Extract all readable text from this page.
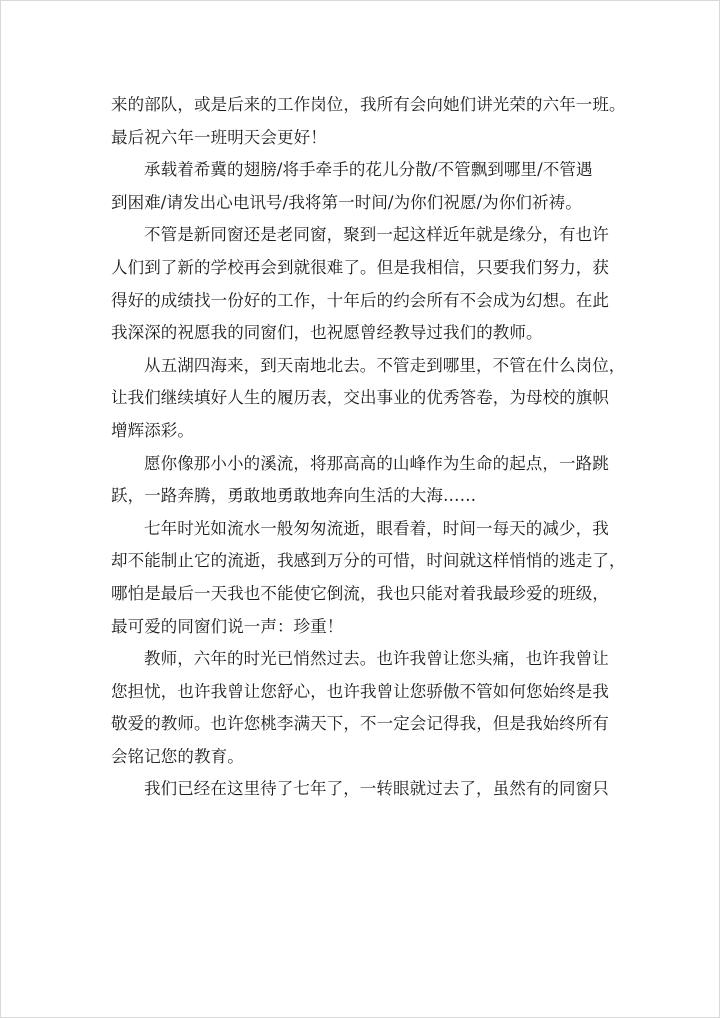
来的部队，或是后来的工作岗位，我所有会向她们讲光荣的六年一班。
最后祝六年一班明天会更好！

承载着希冀的翅膀/将手牵手的花儿分散/不管飘到哪里/不管遇
到困难/请发出心电讯号/我将第一时间/为你们祝愿/为你们祈祷。

不管是新同窗还是老同窗，聚到一起这样近年就是缘分，有也许
人们到了新的学校再会到就很难了。但是我相信，只要我们努力，获
得好的成绩找一份好的工作，十年后的约会所有不会成为幻想。在此
我深深的祝愿我的同窗们，也祝愿曾经教导过我们的教师。

从五湖四海来，到天南地北去。不管走到哪里，不管在什么岗位，
让我们继续填好人生的履历表，交出事业的优秀答卷，为母校的旗帜
增辉添彩。

愿你像那小小的溪流，将那高高的山峰作为生命的起点，一路跳
跃，一路奔腾，勇敢地勇敢地奔向生活的大海……

七年时光如流水一般匆匆流逝，眼看着，时间一每天的减少，我
却不能制止它的流逝，我感到万分的可惜，时间就这样悄悄的逃走了，
哪怕是最后一天我也不能使它倒流，我也只能对着我最珍爱的班级，
最可爱的同窗们说一声：珍重！

教师，六年的时光已悄然过去。也许我曾让您头痛，也许我曾让
您担忧，也许我曾让您舒心，也许我曾让您骄傲不管如何您始终是我
敬爱的教师。也许您桃李满天下，不一定会记得我，但是我始终所有
会铭记您的教育。

我们已经在这里待了七年了，一转眼就过去了，虽然有的同窗只
